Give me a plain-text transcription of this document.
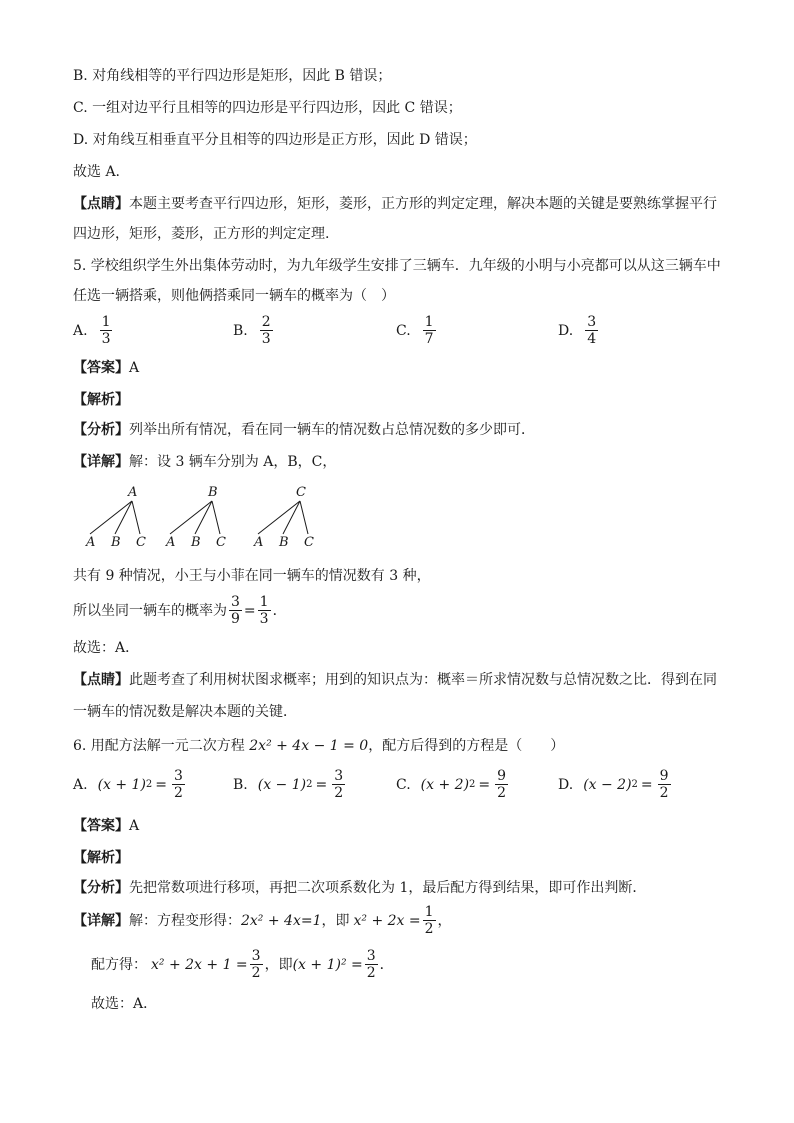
B. 对角线相等的平行四边形是矩形，因此 B 错误；
C. 一组对边平行且相等的四边形是平行四边形，因此 C 错误；
D. 对角线互相垂直平分且相等的四边形是正方形，因此 D 错误；
故选 A.
【点睛】本题主要考查平行四边形，矩形，菱形，正方形的判定定理，解决本题的关键是要熟练掌握平行
四边形，矩形，菱形，正方形的判定定理.
5. 学校组织学生外出集体劳动时，为九年级学生安排了三辆车．九年级的小明与小亮都可以从这三辆车中
任选一辆搭乘，则他俩搭乘同一辆车的概率为（　）
A. $\frac{1}{3}$	B. $\frac{2}{3}$	C. $\frac{1}{7}$	D. $\frac{3}{4}$
【答案】A
【解析】
【分析】列举出所有情况，看在同一辆车的情况数占总情况数的多少即可．
【详解】解：设 3 辆车分别为 A，B，C，
A
A B C
B
A B C
C
A B C
共有 9 种情况，小王与小菲在同一辆车的情况数有 3 种，
所以坐同一辆车的概率为 $\frac{3}{9} = \frac{1}{3}$ ．
故选：A．
【点睛】此题考查了利用树状图求概率；用到的知识点为：概率＝所求情况数与总情况数之比．得到在同
一辆车的情况数是解决本题的关键．
6. 用配方法解一元二次方程 2x² + 4x − 1 = 0，配方后得到的方程是（　　）
A. (x + 1) $2 = \frac{3}{2}$	B. (x − 1) $2 = \frac{3}{2}$	C. (x + 2) $2 = \frac{9}{2}$	D. (x − 2) $2 = \frac{9}{2}$
【答案】A
【解析】
【分析】先把常数项进行移项，再把二次项系数化为 1，最后配方得到结果，即可作出判断．
【详解】 解：方程变形得： 2x² + 4x=1 ，即 $x^2 + 2x = \frac{1}{2}$ ，
配方得： $x^2 + 2x + 1 = \frac{3}{2}$ ，即 $(x + 1)^2 = \frac{3}{2}$ ．
故选：A．
